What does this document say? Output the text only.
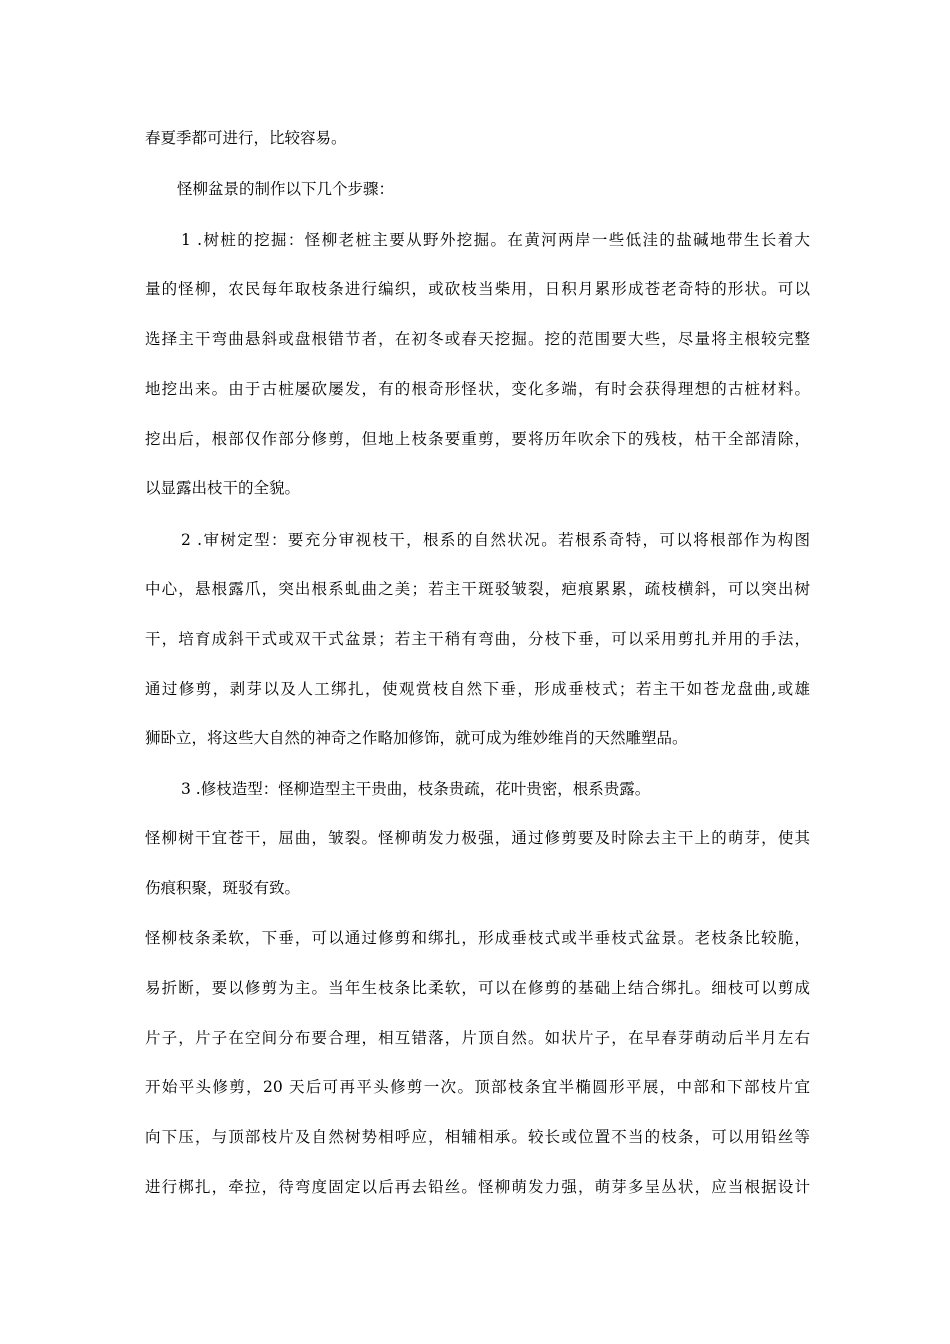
春夏季都可进行，比较容易。
怪柳盆景的制作以下几个步骤：
1 .树桩的挖掘：怪柳老桩主要从野外挖掘。在黄河两岸一些低洼的盐碱地带生长着大
量的怪柳，农民每年取枝条进行编织，或砍枝当柴用，日积月累形成苍老奇特的形状。可以
选择主干弯曲悬斜或盘根错节者，在初冬或春天挖掘。挖的范围要大些，尽量将主根较完整
地挖出来。由于古桩屡砍屡发，有的根奇形怪状，变化多端，有时会获得理想的古桩材料。
挖出后，根部仅作部分修剪，但地上枝条要重剪，要将历年吹余下的残枝，枯干全部清除，
以显露出枝干的全貌。
2 .审树定型：要充分审视枝干，根系的自然状况。若根系奇特，可以将根部作为构图
中心，悬根露爪，突出根系虬曲之美；若主干斑驳皱裂，疤痕累累，疏枝横斜，可以突出树
干，培育成斜干式或双干式盆景；若主干稍有弯曲，分枝下垂，可以采用剪扎并用的手法，
通过修剪，剥芽以及人工绑扎，使观赏枝自然下垂，形成垂枝式；若主干如苍龙盘曲,或雄
狮卧立，将这些大自然的神奇之作略加修饰，就可成为维妙维肖的天然雕塑品。
3 .修枝造型：怪柳造型主干贵曲，枝条贵疏，花叶贵密，根系贵露。
怪柳树干宜苍干，屈曲，皱裂。怪柳萌发力极强，通过修剪要及时除去主干上的萌芽，使其
伤痕积聚，斑驳有致。
怪柳枝条柔软，下垂，可以通过修剪和绑扎，形成垂枝式或半垂枝式盆景。老枝条比较脆，
易折断，要以修剪为主。当年生枝条比柔软，可以在修剪的基础上结合绑扎。细枝可以剪成
片子，片子在空间分布要合理，相互错落，片顶自然。如状片子，在早春芽萌动后半月左右
开始平头修剪，20 天后可再平头修剪一次。顶部枝条宜半椭圆形平展，中部和下部枝片宜
向下压，与顶部枝片及自然树势相呼应，相辅相承。较长或位置不当的枝条，可以用铅丝等
进行梆扎，牵拉，待弯度固定以后再去铅丝。怪柳萌发力强，萌芽多呈丛状，应当根据设计
